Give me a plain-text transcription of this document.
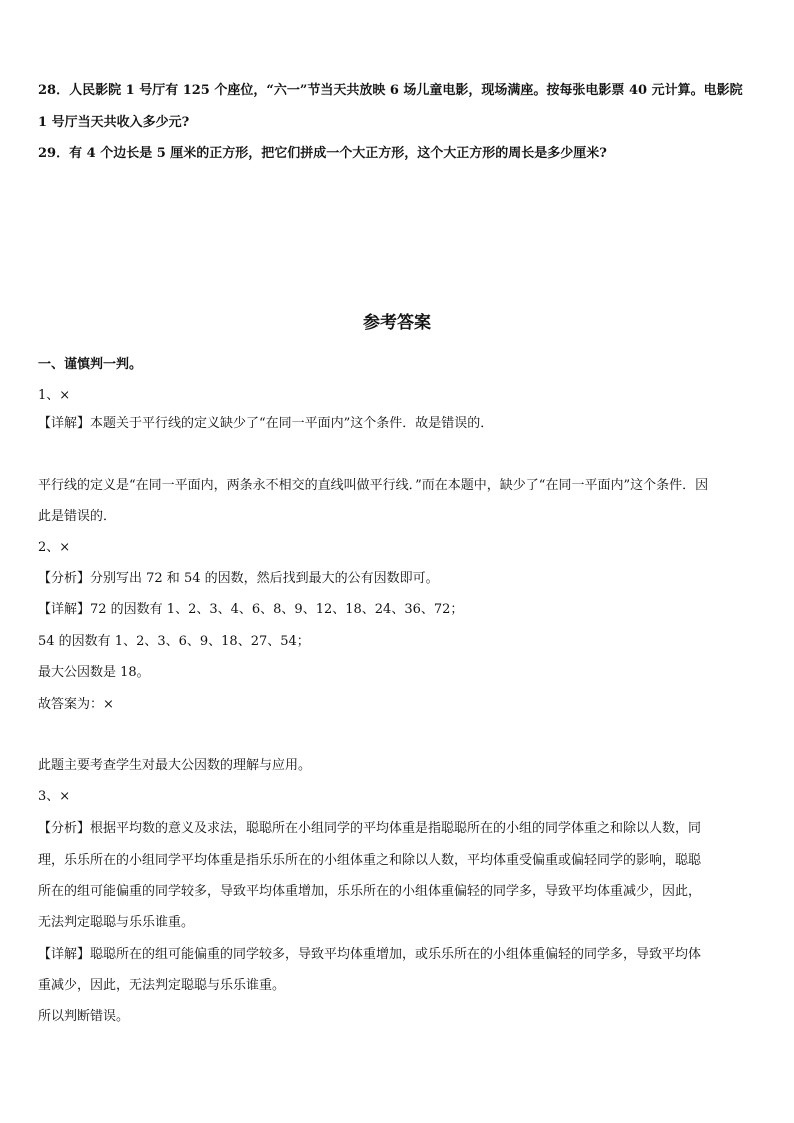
28．人民影院 1 号厅有 125 个座位，“六一”节当天共放映 6 场儿童电影，现场满座。按每张电影票 40 元计算。电影院
1 号厅当天共收入多少元?
29．有 4 个边长是 5 厘米的正方形，把它们拼成一个大正方形，这个大正方形的周长是多少厘米?
参考答案
一、谨慎判一判。
1、×
【详解】本题关于平行线的定义缺少了“在同一平面内”这个条件．故是错误的．
平行线的定义是“在同一平面内，两条永不相交的直线叫做平行线．”而在本题中，缺少了“在同一平面内”这个条件．因
此是错误的．
2、×
【分析】分别写出 72 和 54 的因数，然后找到最大的公有因数即可。
【详解】72 的因数有 1、2、3、4、6、8、9、12、18、24、36、72；
54 的因数有 1、2、3、6、9、18、27、54；
最大公因数是 18。
故答案为：×
此题主要考查学生对最大公因数的理解与应用。
3、×
【分析】根据平均数的意义及求法，聪聪所在小组同学的平均体重是指聪聪所在的小组的同学体重之和除以人数，同
理，乐乐所在的小组同学平均体重是指乐乐所在的小组体重之和除以人数，平均体重受偏重或偏轻同学的影响，聪聪
所在的组可能偏重的同学较多，导致平均体重增加，乐乐所在的小组体重偏轻的同学多，导致平均体重减少，因此，
无法判定聪聪与乐乐谁重。
【详解】聪聪所在的组可能偏重的同学较多，导致平均体重增加，或乐乐所在的小组体重偏轻的同学多，导致平均体
重减少，因此，无法判定聪聪与乐乐谁重。
所以判断错误。
